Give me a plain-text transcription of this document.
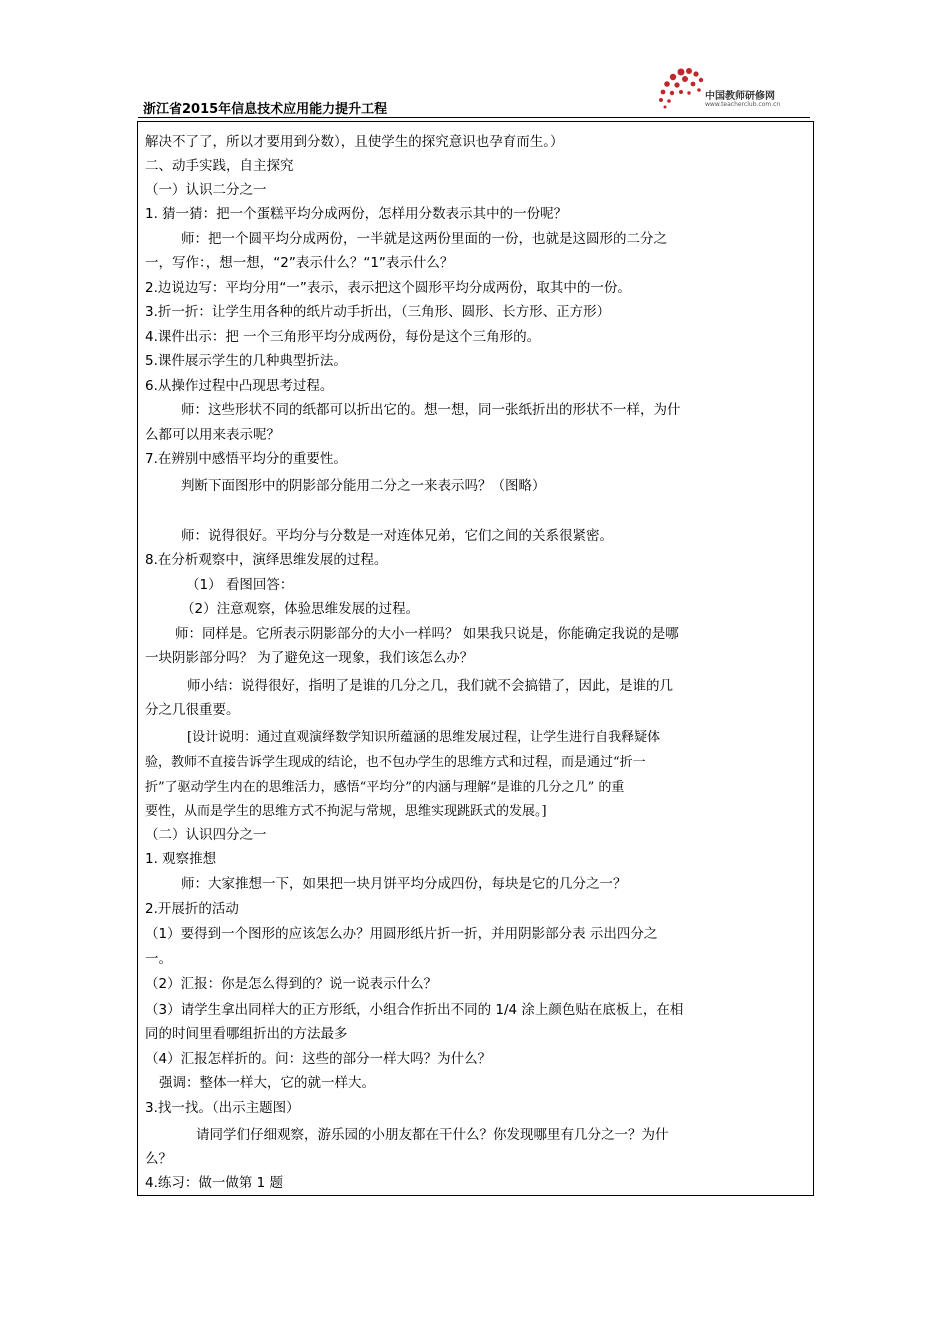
浙江省2015年信息技术应用能力提升工程
中国教师研修网
www.teacherclub.com.cn
解决不了了，所以才要用到分数），且使学生的探究意识也孕育而生。）
二、动手实践，自主探究
（一）认识二分之一
1. 猜一猜：把一个蛋糕平均分成两份，怎样用分数表示其中的一份呢？
师：把一个圆平均分成两份，一半就是这两份里面的一份，也就是这圆形的二分之
一，写作：，想一想，“2”表示什么？“1”表示什么？
2.边说边写：平均分用“一”表示，表示把这个圆形平均分成两份，取其中的一份。
3.折一折：让学生用各种的纸片动手折出，（三角形、圆形、长方形、正方形）
4.课件出示：把 一个三角形平均分成两份，每份是这个三角形的。
5.课件展示学生的几种典型折法。
6.从操作过程中凸现思考过程。
师：这些形状不同的纸都可以折出它的。想一想，同一张纸折出的形状不一样，为什
么都可以用来表示呢？
7.在辨别中感悟平均分的重要性。
判断下面图形中的阴影部分能用二分之一来表示吗？（图略）
师：说得很好。平均分与分数是一对连体兄弟，它们之间的关系很紧密。
8.在分析观察中，演绎思维发展的过程。
（1） 看图回答：
（2）注意观察，体验思维发展的过程。
师：同样是。它所表示阴影部分的大小一样吗？ 如果我只说是，你能确定我说的是哪
一块阴影部分吗？ 为了避免这一现象，我们该怎么办？
师小结：说得很好，指明了是谁的几分之几，我们就不会搞错了，因此，是谁的几
分之几很重要。
[设计说明：通过直观演绎数学知识所蕴涵的思维发展过程，让学生进行自我释疑体
验，教师不直接告诉学生现成的结论，也不包办学生的思维方式和过程，而是通过“折一
折”了驱动学生内在的思维活力，感悟“平均分”的内涵与理解“是谁的几分之几” 的重
要性，从而是学生的思维方式不拘泥与常规，思维实现跳跃式的发展。]
（二）认识四分之一
1. 观察推想
师：大家推想一下，如果把一块月饼平均分成四份，每块是它的几分之一？
2.开展折的活动
（1）要得到一个图形的应该怎么办？用圆形纸片折一折，并用阴影部分表 示出四分之
一。
（2）汇报：你是怎么得到的？说一说表示什么？
（3）请学生拿出同样大的正方形纸，小组合作折出不同的 1/4 涂上颜色贴在底板上，在相
同的时间里看哪组折出的方法最多
（4）汇报怎样折的。问：这些的部分一样大吗？为什么？
强调：整体一样大，它的就一样大。
3.找一找。（出示主题图）
请同学们仔细观察，游乐园的小朋友都在干什么？你发现哪里有几分之一？为什
么？
4.练习：做一做第 1 题
